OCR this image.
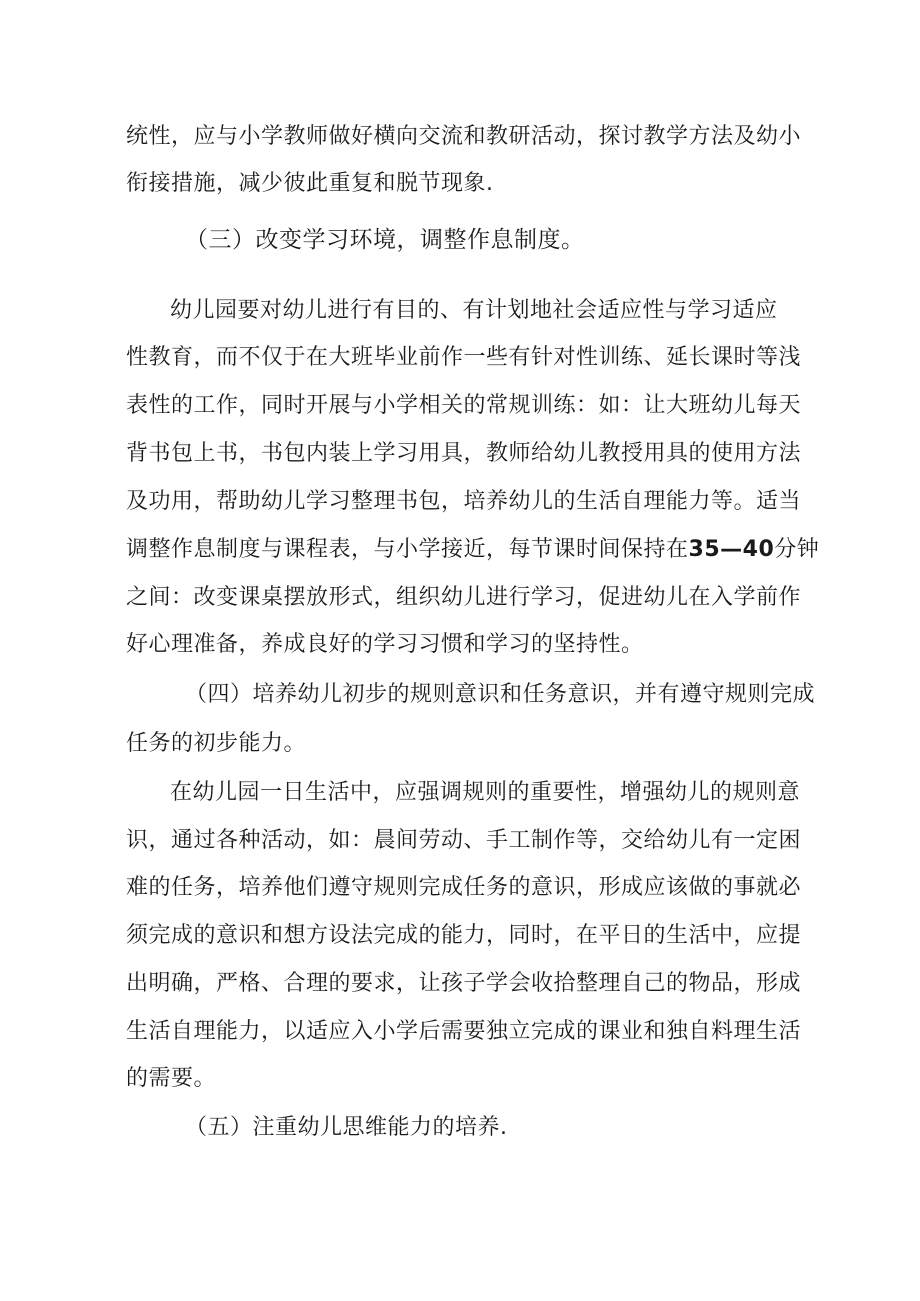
统性，应与小学教师做好横向交流和教研活动，探讨教学方法及幼小
衔接措施，减少彼此重复和脱节现象.
（三）改变学习环境，调整作息制度。
幼儿园要对幼儿进行有目的、有计划地社会适应性与学习适应
性教育，而不仅于在大班毕业前作一些有针对性训练、延长课时等浅
表性的工作，同时开展与小学相关的常规训练：如：让大班幼儿每天
背书包上书，书包内装上学习用具，教师给幼儿教授用具的使用方法
及功用，帮助幼儿学习整理书包，培养幼儿的生活自理能力等。适当
调整作息制度与课程表，与小学接近，每节课时间保持在35—40分钟
之间：改变课桌摆放形式，组织幼儿进行学习，促进幼儿在入学前作
好心理准备，养成良好的学习习惯和学习的坚持性。
（四）培养幼儿初步的规则意识和任务意识，并有遵守规则完成
任务的初步能力。
在幼儿园一日生活中，应强调规则的重要性，增强幼儿的规则意
识，通过各种活动，如：晨间劳动、手工制作等，交给幼儿有一定困
难的任务，培养他们遵守规则完成任务的意识，形成应该做的事就必
须完成的意识和想方设法完成的能力，同时，在平日的生活中，应提
出明确，严格、合理的要求，让孩子学会收拾整理自己的物品，形成
生活自理能力，以适应入小学后需要独立完成的课业和独自料理生活
的需要。
（五）注重幼儿思维能力的培养.
